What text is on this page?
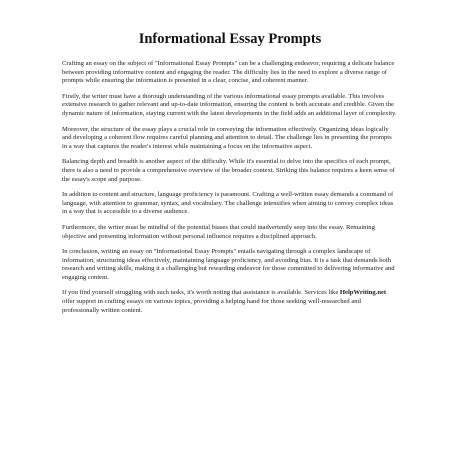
Informational Essay Prompts

Crafting an essay on the subject of "Informational Essay Prompts" can be a challenging endeavor, requiring a delicate balance between providing informative content and engaging the reader. The difficulty lies in the need to explore a diverse range of prompts while ensuring the information is presented in a clear, concise, and coherent manner.

Firstly, the writer must have a thorough understanding of the various informational essay prompts available. This involves extensive research to gather relevant and up-to-date information, ensuring the content is both accurate and credible. Given the dynamic nature of information, staying current with the latest developments in the field adds an additional layer of complexity.

Moreover, the structure of the essay plays a crucial role in conveying the information effectively. Organizing ideas logically and developing a coherent flow requires careful planning and attention to detail. The challenge lies in presenting the prompts in a way that captures the reader's interest while maintaining a focus on the informative aspect.

Balancing depth and breadth is another aspect of the difficulty. While it's essential to delve into the specifics of each prompt, there is also a need to provide a comprehensive overview of the broader context. Striking this balance requires a keen sense of the essay's scope and purpose.

In addition to content and structure, language proficiency is paramount. Crafting a well-written essay demands a command of language, with attention to grammar, syntax, and vocabulary. The challenge intensifies when aiming to convey complex ideas in a way that is accessible to a diverse audience.

Furthermore, the writer must be mindful of the potential biases that could inadvertently seep into the essay. Remaining objective and presenting information without personal influence requires a disciplined approach.

In conclusion, writing an essay on "Informational Essay Prompts" entails navigating through a complex landscape of information, structuring ideas effectively, maintaining language proficiency, and avoiding bias. It is a task that demands both research and writing skills, making it a challenging but rewarding endeavor for those committed to delivering informative and engaging content.

If you find yourself struggling with such tasks, it's worth noting that assistance is available. Services like HelpWriting.net offer support in crafting essays on various topics, providing a helping hand for those seeking well-researched and professionally written content.
